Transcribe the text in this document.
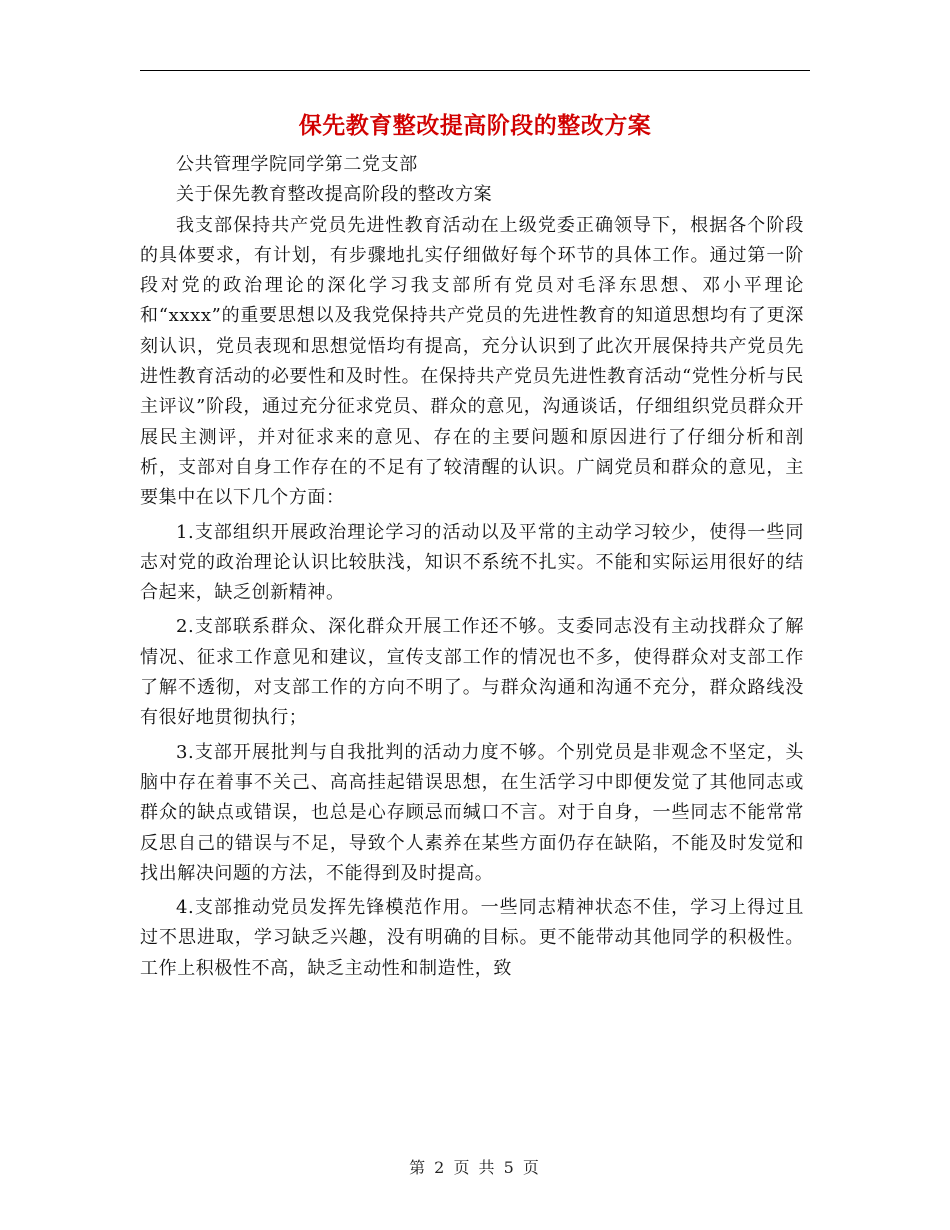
保先教育整改提高阶段的整改方案

公共管理学院同学第二党支部

关于保先教育整改提高阶段的整改方案

我支部保持共产党员先进性教育活动在上级党委正确领导下，根据各个阶段的具体要求，有计划，有步骤地扎实仔细做好每个环节的具体工作。通过第一阶段对党的政治理论的深化学习我支部所有党员对毛泽东思想、邓小平理论和“xxxx”的重要思想以及我党保持共产党员的先进性教育的知道思想均有了更深刻认识，党员表现和思想觉悟均有提高，充分认识到了此次开展保持共产党员先进性教育活动的必要性和及时性。在保持共产党员先进性教育活动“党性分析与民主评议”阶段，通过充分征求党员、群众的意见，沟通谈话，仔细组织党员群众开展民主测评，并对征求来的意见、存在的主要问题和原因进行了仔细分析和剖析，支部对自身工作存在的不足有了较清醒的认识。广阔党员和群众的意见，主要集中在以下几个方面：

1.支部组织开展政治理论学习的活动以及平常的主动学习较少，使得一些同志对党的政治理论认识比较肤浅，知识不系统不扎实。不能和实际运用很好的结合起来，缺乏创新精神。

2.支部联系群众、深化群众开展工作还不够。支委同志没有主动找群众了解情况、征求工作意见和建议，宣传支部工作的情况也不多，使得群众对支部工作了解不透彻，对支部工作的方向不明了。与群众沟通和沟通不充分，群众路线没有很好地贯彻执行；

3.支部开展批判与自我批判的活动力度不够。个别党员是非观念不坚定，头脑中存在着事不关己、高高挂起错误思想，在生活学习中即便发觉了其他同志或群众的缺点或错误，也总是心存顾忌而缄口不言。对于自身，一些同志不能常常反思自己的错误与不足，导致个人素养在某些方面仍存在缺陷，不能及时发觉和找出解决问题的方法，不能得到及时提高。

4.支部推动党员发挥先锋模范作用。一些同志精神状态不佳，学习上得过且过不思进取，学习缺乏兴趣，没有明确的目标。更不能带动其他同学的积极性。工作上积极性不高，缺乏主动性和制造性，致

第 2 页 共 5 页
